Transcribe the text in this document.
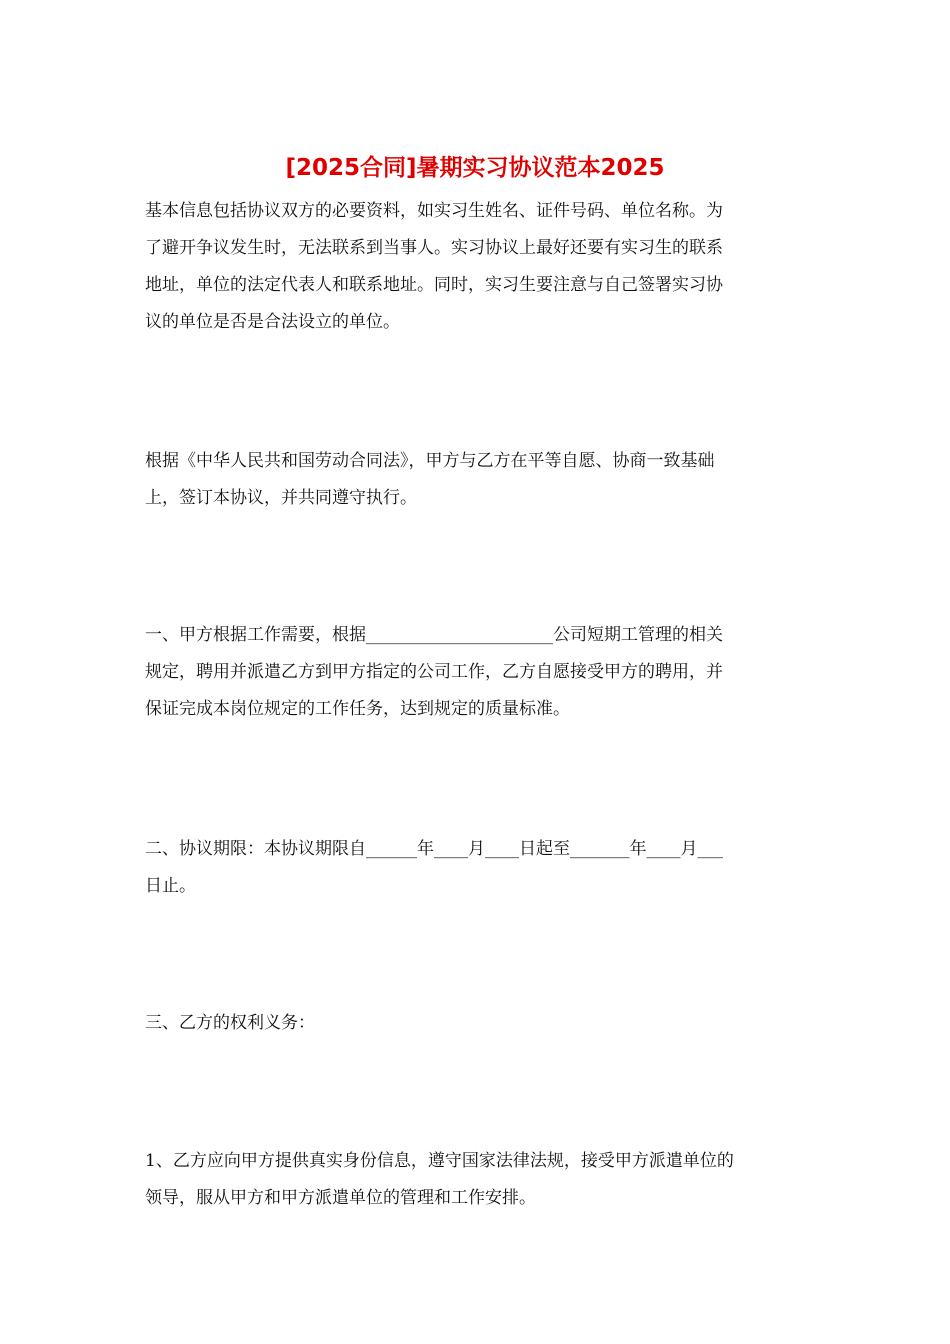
[2025合同]暑期实习协议范本2025

基本信息包括协议双方的必要资料，如实习生姓名、证件号码、单位名称。为
了避开争议发生时，无法联系到当事人。实习协议上最好还要有实习生的联系
地址，单位的法定代表人和联系地址。同时，实习生要注意与自己签署实习协
议的单位是否是合法设立的单位。

根据《中华人民共和国劳动合同法》，甲方与乙方在平等自愿、协商一致基础
上，签订本协议，并共同遵守执行。

一、甲方根据工作需要，根据______________________公司短期工管理的相关
规定，聘用并派遣乙方到甲方指定的公司工作，乙方自愿接受甲方的聘用，并
保证完成本岗位规定的工作任务，达到规定的质量标准。

二、协议期限：本协议期限自______年____月____日起至_______年____月___
日止。

三、乙方的权利义务：

1、乙方应向甲方提供真实身份信息，遵守国家法律法规，接受甲方派遣单位的
领导，服从甲方和甲方派遣单位的管理和工作安排。
